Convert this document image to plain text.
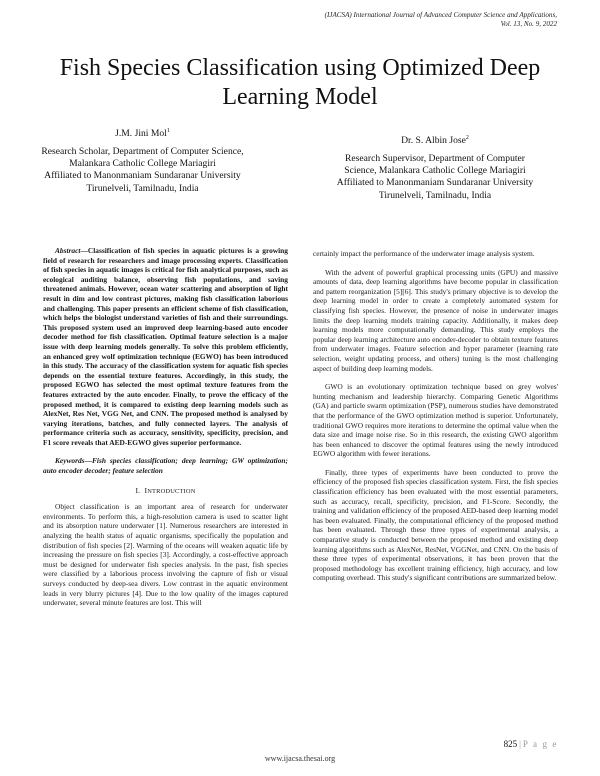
(IJACSA) International Journal of Advanced Computer Science and Applications,
Vol. 13, No. 9, 2022
Fish Species Classification using Optimized Deep Learning Model
J.M. Jini Mol$^1$
Research Scholar, Department of Computer Science,
Malankara Catholic College Mariagiri
Affiliated to Manonmaniam Sundaranar University
Tirunelveli, Tamilnadu, India
Dr. S. Albin Jose$^2$
Research Supervisor, Department of Computer
Science, Malankara Catholic College Mariagiri
Affiliated to Manonmaniam Sundaranar University
Tirunelveli, Tamilnadu, India

Abstract—Classification of fish species in aquatic pictures is a growing field of research for researchers and image processing experts. Classification of fish species in aquatic images is critical for fish analytical purposes, such as ecological auditing balance, observing fish populations, and saving threatened animals. However, ocean water scattering and absorption of light result in dim and low contrast pictures, making fish classification laborious and challenging. This paper presents an efficient scheme of fish classification, which helps the biologist understand varieties of fish and their surroundings. This proposed system used an improved deep learning-based auto encoder decoder method for fish classification. Optimal feature selection is a major issue with deep learning models generally. To solve this problem efficiently, an enhanced grey wolf optimization technique (EGWO) has been introduced in this study. The accuracy of the classification system for aquatic fish species depends on the essential texture features. Accordingly, in this study, the proposed EGWO has selected the most optimal texture features from the features extracted by the auto encoder. Finally, to prove the efficacy of the proposed method, it is compared to existing deep learning models such as AlexNet, Res Net, VGG Net, and CNN. The proposed method is analysed by varying iterations, batches, and fully connected layers. The analysis of performance criteria such as accuracy, sensitivity, specificity, precision, and F1 score reveals that AED-EGWO gives superior performance.

Keywords—Fish species classification; deep learning; GW optimization; auto encoder decoder; feature selection

I. INTRODUCTION

Object classification is an important area of research for underwater environments. To perform this, a high-resolution camera is used to scatter light and its absorption nature underwater [1]. Numerous researchers are interested in analyzing the health status of aquatic organisms, specifically the population and distribution of fish species [2]. Warming of the oceans will weaken aquatic life by increasing the pressure on fish species [3]. Accordingly, a cost-effective approach must be designed for underwater fish species analysis. In the past, fish species were classified by a laborious process involving the capture of fish or visual surveys conducted by deep-sea divers. Low contrast in the aquatic environment leads in very blurry pictures [4]. Due to the low quality of the images captured underwater, several minute features are lost. This will

certainly impact the performance of the underwater image analysis system.

With the advent of powerful graphical processing units (GPU) and massive amounts of data, deep learning algorithms have become popular in classification and pattern reorganization [5][6]. This study's primary objective is to develop the deep learning model in order to create a completely automated system for classifying fish species. However, the presence of noise in underwater images limits the deep learning models training capacity. Additionally, it makes deep learning models more computationally demanding. This study employs the popular deep learning architecture auto encoder-decoder to obtain texture features from underwater images. Feature selection and hyper parameter (learning rate selection, weight updating process, and others) tuning is the most challenging aspect of building deep learning models.

GWO is an evolutionary optimization technique based on grey wolves' hunting mechanism and leadership hierarchy. Comparing Genetic Algorithms (GA) and particle swarm optimization (PSP), numerous studies have demonstrated that the performance of the GWO optimization method is superior. Unfortunately, traditional GWO requires more iterations to determine the optimal value when the data size and image noise rise. So in this research, the existing GWO algorithm has been enhanced to discover the optimal features using the newly introduced EGWO algorithm with fewer iterations.

Finally, three types of experiments have been conducted to prove the efficiency of the proposed fish species classification system. First, the fish species classification efficiency has been evaluated with the most essential parameters, such as accuracy, recall, specificity, precision, and F1-Score. Secondly, the training and validation efficiency of the proposed AED-based deep learning model has been evaluated. Finally, the computational efficiency of the proposed method has been evaluated. Through these three types of experimental analysis, a comparative study is conducted between the proposed method and existing deep learning algorithms such as AlexNet, ResNet, VGGNet, and CNN. On the basis of these three types of experimental observations, it has been proven that the proposed methodology has excellent training efficiency, high accuracy, and low computing overhead. This study's significant contributions are summarized below.

825 | P a g e
www.ijacsa.thesai.org
